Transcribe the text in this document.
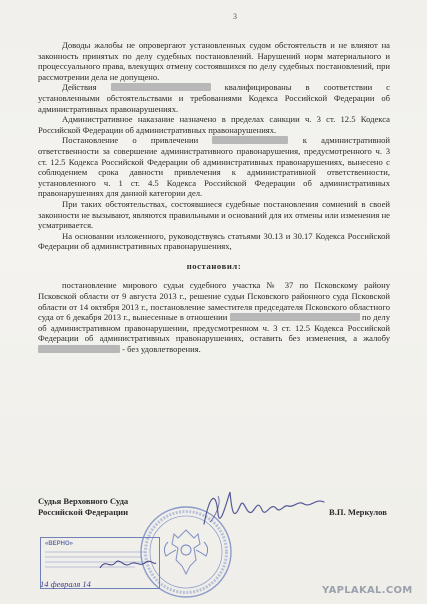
3

Доводы жалобы не опровергают установленных судом обстоятельств и не влияют на законность принятых по делу судебных постановлений. Нарушений норм материального и процессуального права, влекущих отмену состоявшихся по делу судебных постановлений, при рассмотрении дела не допущено.

Действия	квалифицированы в соответствии с установленными обстоятельствами и требованиями Кодекса Российской Федерации об административных правонарушениях.

Административное наказание назначено в пределах санкции ч. 3 ст. 12.5 Кодекса Российской Федерации об административных правонарушениях.

Постановление о привлечении	к административной ответственности за совершение административного правонарушения, предусмотренного ч. 3 ст. 12.5 Кодекса Российской Федерации об административных правонарушениях, вынесено с соблюдением срока давности привлечения к административной ответственности, установленного ч. 1 ст. 4.5 Кодекса Российской Федерации об административных правонарушениях для данной категории дел.

При таких обстоятельствах, состоявшиеся судебные постановления сомнений в своей законности не вызывают, являются правильными и оснований для их отмены или изменения не усматривается.

На основании изложенного, руководствуясь статьями 30.13 и 30.17 Кодекса Российской Федерации об административных правонарушениях,

постановил:

постановление мирового судьи судебного участка № 37 по Псковскому району Псковской области от 9 августа 2013 г., решение судьи Псковского районного суда Псковской области от 14 октября 2013 г., постановление заместителя председателя Псковского областного суда от 6 декабря 2013 г., вынесенные в отношении	по делу об административном правонарушении, предусмотренном ч. 3 ст. 12.5 Кодекса Российской Федерации об административных правонарушениях, оставить без изменения, а жалобу  - без удовлетворения.

Судья Верховного Суда
Российской Федерации	В.П. Меркулов
«ВЕРНО»
14 февраля 14
YAPLAKAL.COM
